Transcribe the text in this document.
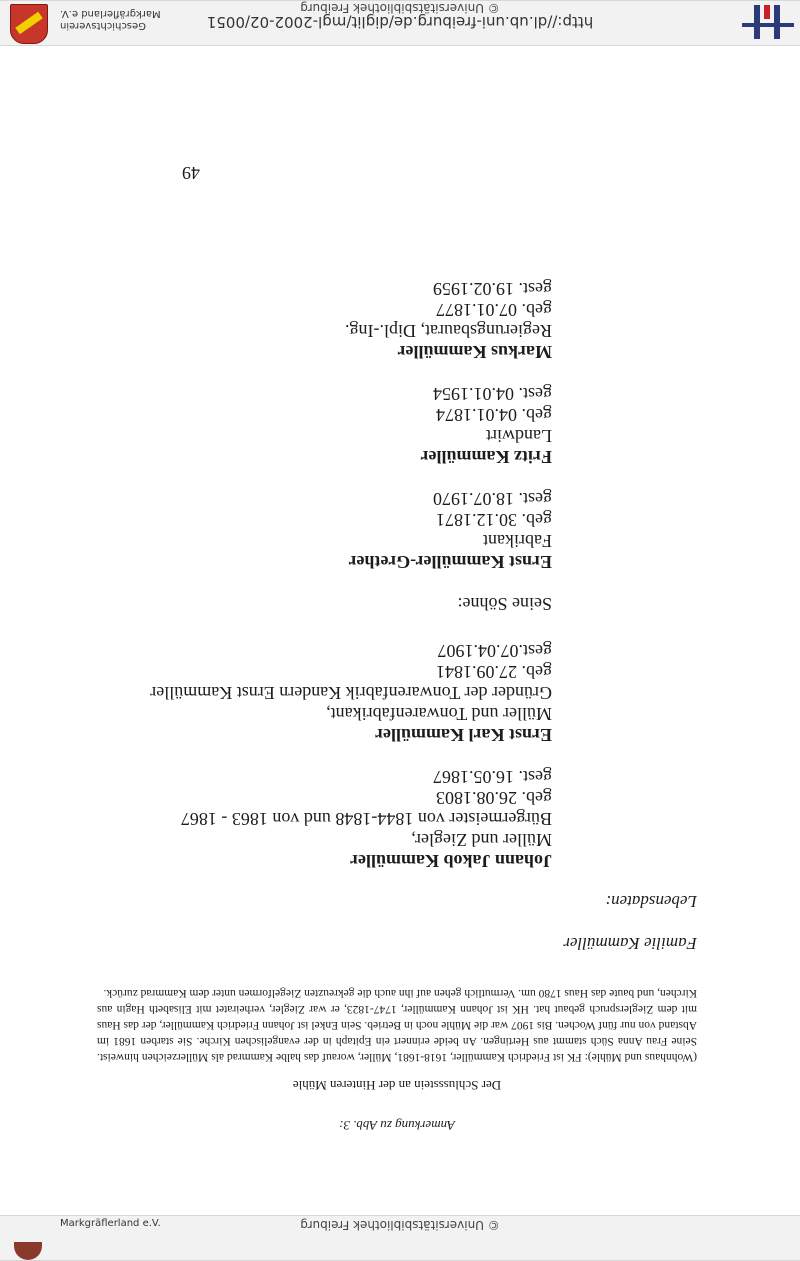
http://dl.ub.uni-freiburg.de/diglit/mgl-2002-02/0051
© Universitätsbibliothek Freiburg
Geschichtsverein
Markgräflerland e.V.

Anmerkung zu Abb. 3:

Der Schlussstein an der Hinteren Mühle

(Wohnhaus und Mühle): FK ist Friedrich Kammüller, 1618-1681, Müller, worauf das halbe Kammrad als Müllerzeichen hinweist. Seine Frau Anna Süch stammt aus Hertingen. An beide erinnert ein Epitaph in der evangelischen Kirche. Sie starben 1681 im Abstand von nur fünf Wochen. Bis 1907 war die Mühle noch in Betrieb. Sein Enkel ist Johann Friedrich Kammüller, der das Haus mit dem Zieglerspruch gebaut hat. HK ist Johann Kammüller, 1747-1823, er war Ziegler, verheiratet mit Elisabeth Hagin aus Kirchen, und baute das Haus 1780 um. Vermutlich gehen auf ihn auch die gekreuzten Ziegelformen unter dem Kammrad zurück.

Familie Kammüller

Lebensdaten:

Johann Jakob Kammüller
Müller und Ziegler,
Bürgermeister von 1844-1848 und von 1863 - 1867
geb. 26.08.1803
gest. 16.05.1867
Ernst Karl Kammüller
Müller und Tonwarenfabrikant,
Gründer der Tonwarenfabrik Kandern Ernst Kammüller
geb. 27.09.1841
gest.07.04.1907
Seine Söhne:
Ernst Kammüller-Grether
Fabrikant
geb. 30.12.1871
gest. 18.07.1970
Fritz Kammüller
Landwirt
geb. 04.01.1874
gest. 04.01.1954
Markus Kammüller
Regierungsbaurat, Dipl.-Ing.
geb. 07.01.1877
gest. 19.02.1959
49
© Universitätsbibliothek Freiburg
Markgräflerland e.V.
